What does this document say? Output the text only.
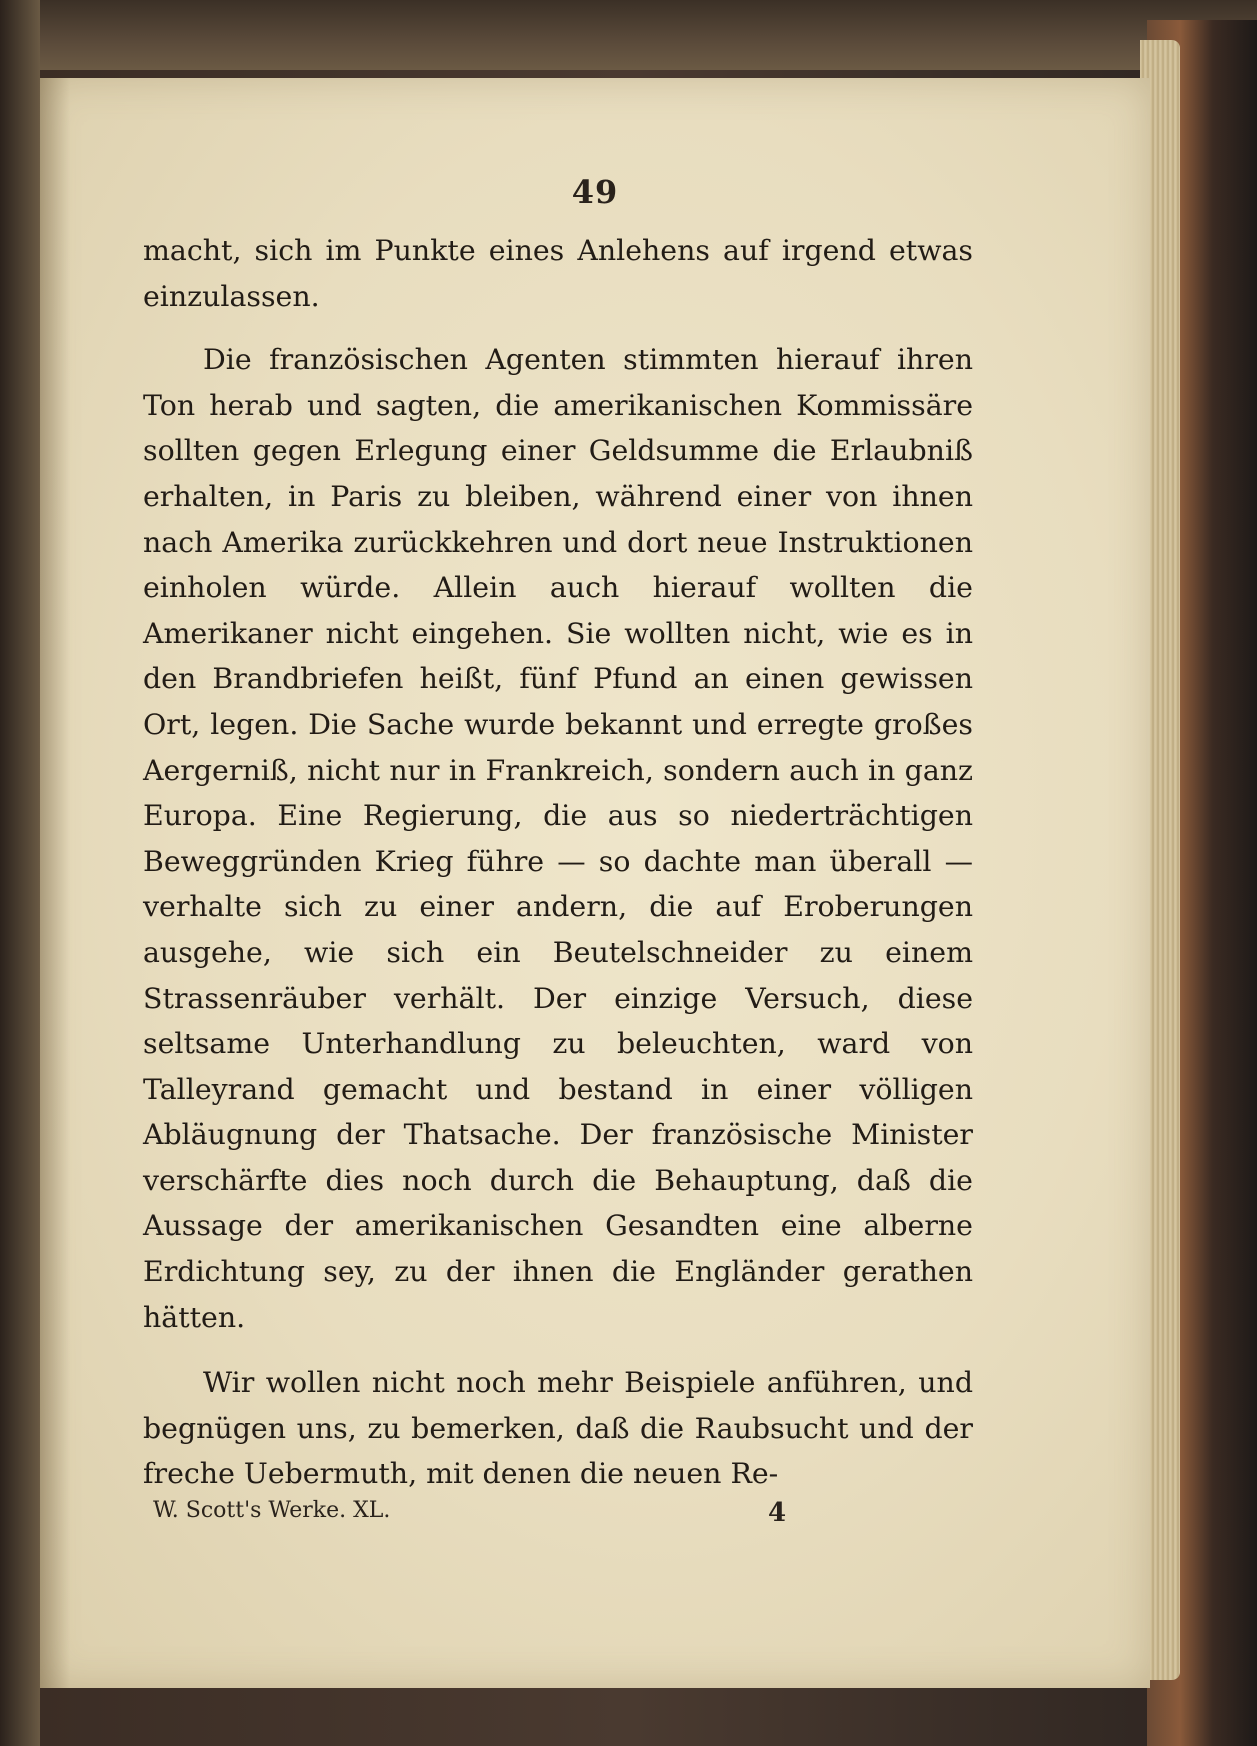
49

macht, sich im Punkte eines Anlehens auf irgend etwas einzulassen.

Die französischen Agenten stimmten hierauf ihren Ton herab und sagten, die amerikanischen Kommissäre sollten gegen Erlegung einer Geldsumme die Erlaubniß erhalten, in Paris zu bleiben, während einer von ihnen nach Amerika zurückkehren und dort neue Instruktionen einholen würde. Allein auch hierauf wollten die Amerikaner nicht eingehen. Sie wollten nicht, wie es in den Brandbriefen heißt, fünf Pfund an einen gewissen Ort, legen. Die Sache wurde bekannt und erregte großes Aergerniß, nicht nur in Frankreich, sondern auch in ganz Europa. Eine Regierung, die aus so niederträchtigen Beweggründen Krieg führe — so dachte man überall — verhalte sich zu einer andern, die auf Eroberungen ausgehe, wie sich ein Beutelschneider zu einem Strassenräuber verhält. Der einzige Versuch, diese seltsame Unterhandlung zu beleuchten, ward von Talleyrand gemacht und bestand in einer völligen Abläugnung der Thatsache. Der französische Minister verschärfte dies noch durch die Behauptung, daß die Aussage der amerikanischen Gesandten eine alberne Erdichtung sey, zu der ihnen die Engländer gerathen hätten.

Wir wollen nicht noch mehr Beispiele anführen, und begnügen uns, zu bemerken, daß die Raubsucht und der freche Uebermuth, mit denen die neuen Re-

W. Scott's Werke. XL.	4
